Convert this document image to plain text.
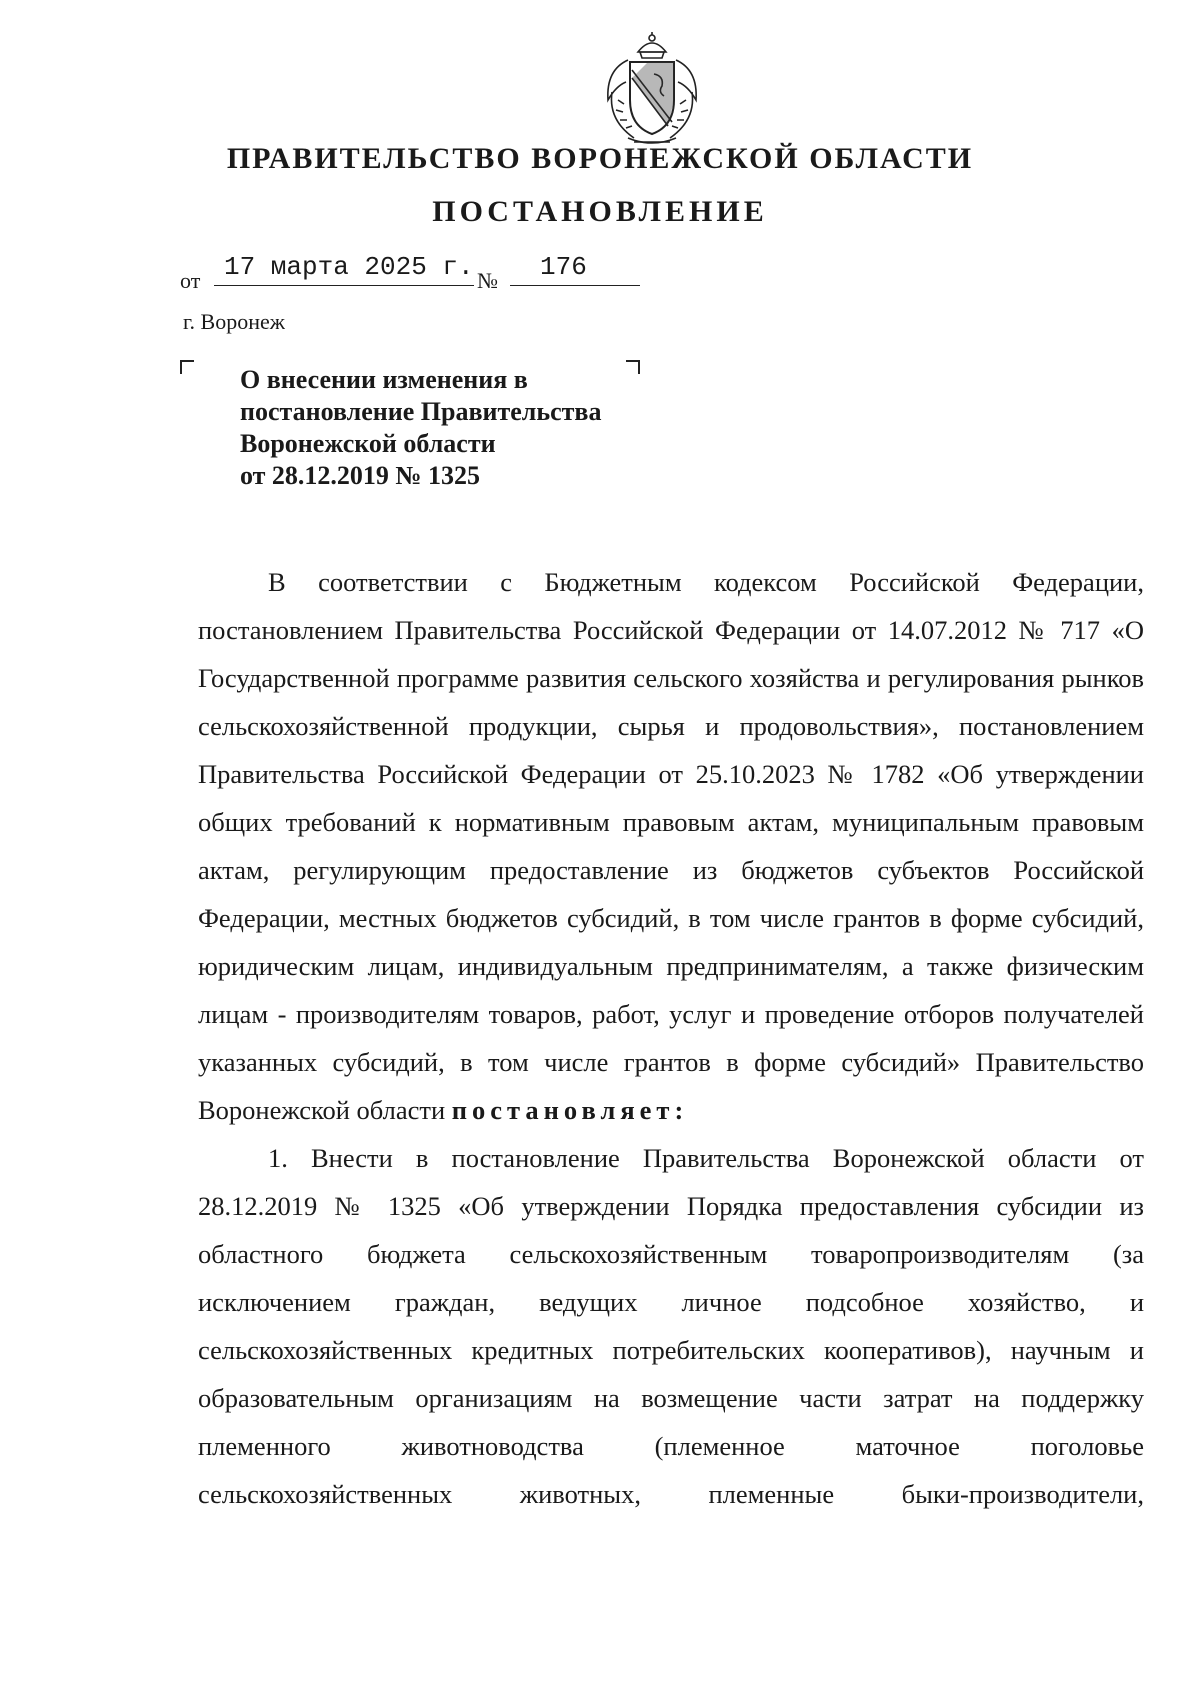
ПРАВИТЕЛЬСТВО ВОРОНЕЖСКОЙ ОБЛАСТИ
ПОСТАНОВЛЕНИЕ
от 17 марта 2025 г. №	176
г. Воронеж
О внесении изменения в
постановление Правительства
Воронежской области
от 28.12.2019 № 1325

В соответствии с Бюджетным кодексом Российской Федерации, постановлением Правительства Российской Федерации от 14.07.2012 № 717 «О Государственной программе развития сельского хозяйства и регулирования рынков сельскохозяйственной продукции, сырья и продовольствия», постановлением Правительства Российской Федерации от 25.10.2023 № 1782 «Об утверждении общих требований к нормативным правовым актам, муниципальным правовым актам, регулирующим предоставление из бюджетов субъектов Российской Федерации, местных бюджетов субсидий, в том числе грантов в форме субсидий, юридическим лицам, индивидуальным предпринимателям, а также физическим лицам - производителям товаров, работ, услуг и проведение отборов получателей указанных субсидий, в том числе грантов в форме субсидий» Правительство Воронежской области постановляет:

1. Внести в постановление Правительства Воронежской области от 28.12.2019 № 1325 «Об утверждении Порядка предоставления субсидии из областного бюджета сельскохозяйственным товаропроизводителям (за исключением граждан, ведущих личное подсобное хозяйство, и сельскохозяйственных кредитных потребительских кооперативов), научным и образовательным организациям на возмещение части затрат на поддержку племенного животноводства (племенное маточное поголовье сельскохозяйственных животных, племенные быки-производители,
